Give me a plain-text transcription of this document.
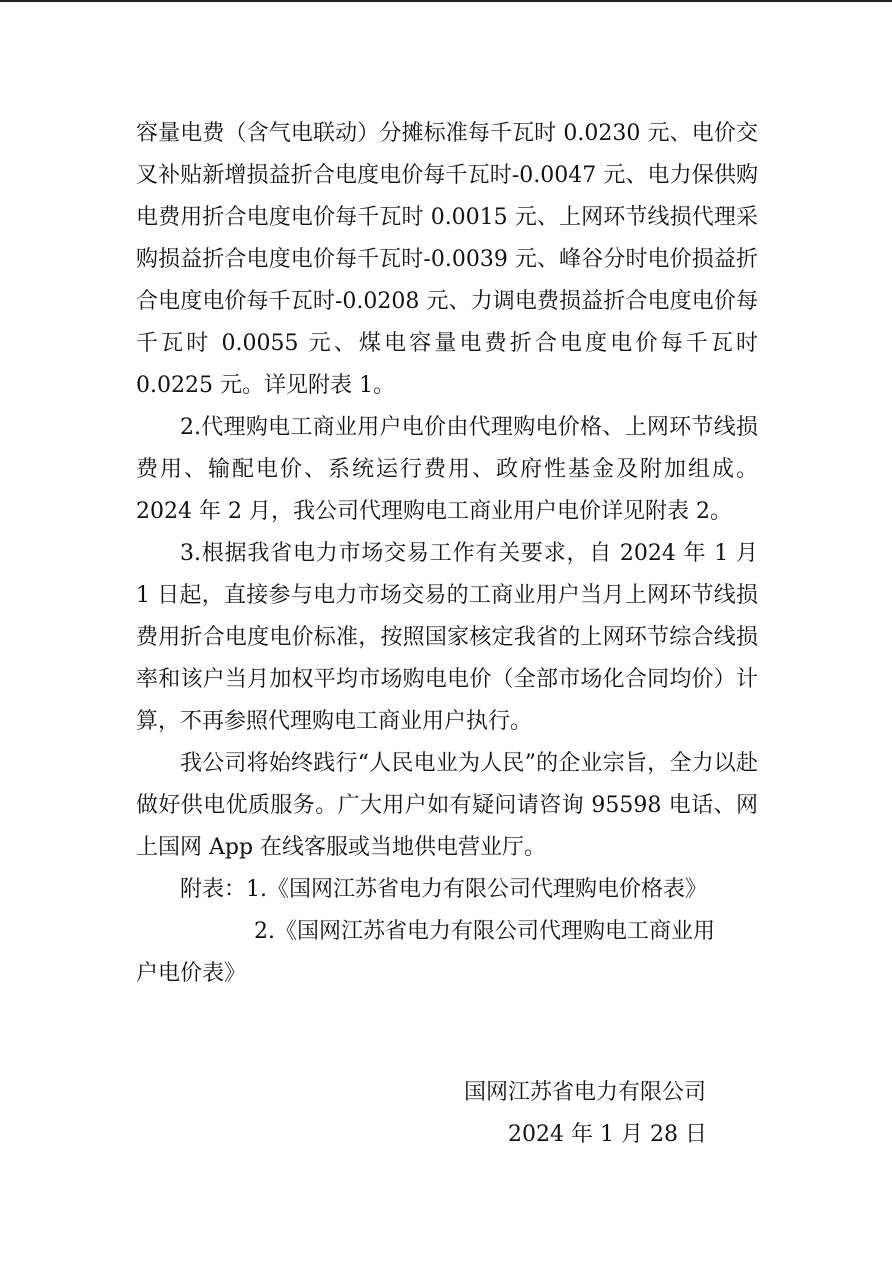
容量电费（含气电联动）分摊标准每千瓦时 0.0230 元、电价交叉补贴新增损益折合电度电价每千瓦时-0.0047 元、电力保供购电费用折合电度电价每千瓦时 0.0015 元、上网环节线损代理采购损益折合电度电价每千瓦时-0.0039 元、峰谷分时电价损益折合电度电价每千瓦时-0.0208 元、力调电费损益折合电度电价每千瓦时 0.0055 元、煤电容量电费折合电度电价每千瓦时 0.0225 元。详见附表 1。

2.代理购电工商业用户电价由代理购电价格、上网环节线损费用、输配电价、系统运行费用、政府性基金及附加组成。2024 年 2 月，我公司代理购电工商业用户电价详见附表 2。

3.根据我省电力市场交易工作有关要求，自 2024 年 1 月 1 日起，直接参与电力市场交易的工商业用户当月上网环节线损费用折合电度电价标准，按照国家核定我省的上网环节综合线损率和该户当月加权平均市场购电电价（全部市场化合同均价）计算，不再参照代理购电工商业用户执行。

我公司将始终践行“人民电业为人民”的企业宗旨，全力以赴做好供电优质服务。广大用户如有疑问请咨询 95598 电话、网上国网 App 在线客服或当地供电营业厅。

附表：1.《国网江苏省电力有限公司代理购电价格表》

2.《国网江苏省电力有限公司代理购电工商业用

户电价表》

国网江苏省电力有限公司
2024 年 1 月 28 日
